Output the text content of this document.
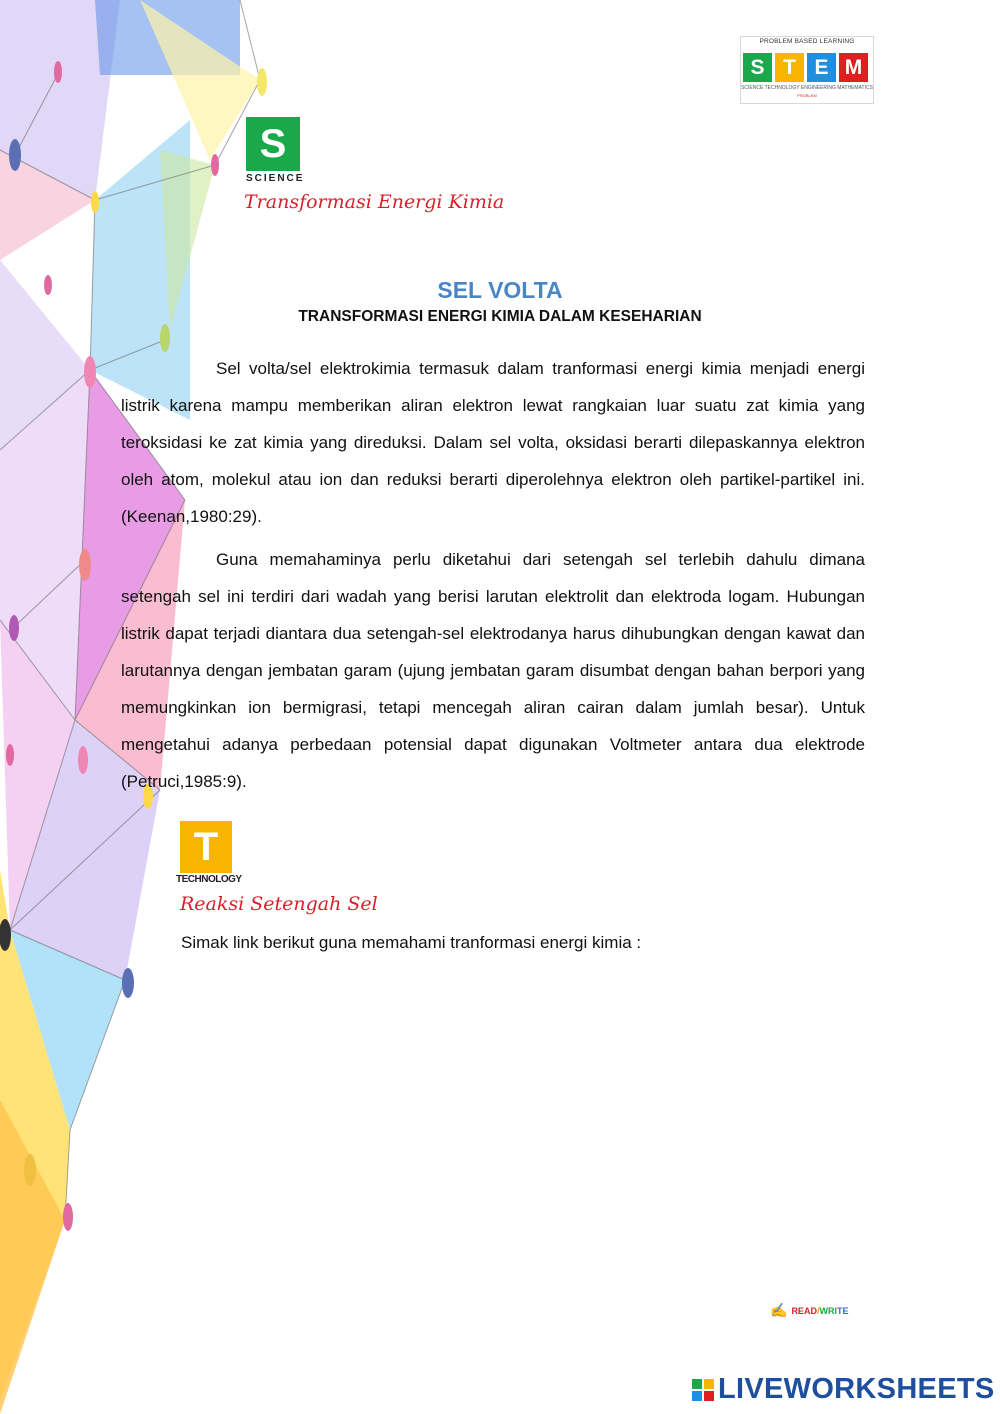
PROBLEM BASED LEARNING
S T E M
SCIENCE TECHNOLOGY ENGINEERING MATHEMATICS
PROBLEM
S
SCIENCE
Transformasi Energi Kimia
SEL VOLTA
TRANSFORMASI ENERGI KIMIA DALAM KESEHARIAN

Sel volta/sel elektrokimia termasuk dalam tranformasi energi kimia menjadi energi listrik karena mampu memberikan aliran elektron lewat rangkaian luar suatu zat kimia yang teroksidasi ke zat kimia yang direduksi. Dalam sel volta, oksidasi berarti dilepaskannya elektron oleh atom, molekul atau ion dan reduksi berarti diperolehnya elektron oleh partikel-partikel ini. (Keenan,1980:29).

Guna memahaminya perlu diketahui dari setengah sel terlebih dahulu dimana setengah sel ini terdiri dari wadah yang berisi larutan elektrolit dan elektroda logam. Hubungan listrik dapat terjadi diantara dua setengah-sel elektrodanya harus dihubungkan dengan kawat dan larutannya dengan jembatan garam (ujung jembatan garam disumbat dengan bahan berpori yang memungkinkan ion bermigrasi, tetapi mencegah aliran cairan dalam jumlah besar). Untuk mengetahui adanya perbedaan potensial dapat digunakan Voltmeter antara dua elektrode (Petruci,1985:9).

T
TECHNOLOGY
Reaksi Setengah Sel
Simak link berikut guna memahami tranformasi energi kimia :
✍ READ/WRITE
LIVEWORKSHEETS
